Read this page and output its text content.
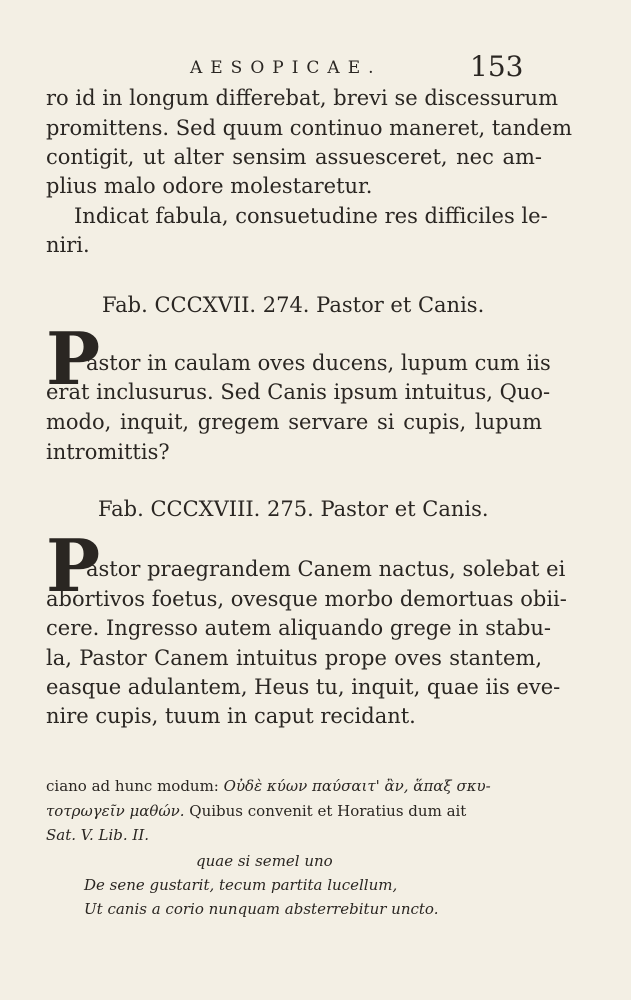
AESOPICAE.	153
ro id in longum differebat, brevi se discessurum
promittens. Sed quum continuo maneret, tandem
contigit, ut alter sensim assuesceret, nec am-
plius malo odore molestaretur.
Indicat fabula, consuetudine res difficiles le-
niri.
Fab. CCCXVII. 274. Pastor et Canis.
P
astor in caulam oves ducens, lupum cum iis
erat inclusurus. Sed Canis ipsum intuitus, Quo-
modo, inquit, gregem servare si cupis, lupum
intromittis?
Fab. CCCXVIII. 275. Pastor et Canis.
P
astor praegrandem Canem nactus, solebat ei
abortivos foetus, ovesque morbo demortuas obii-
cere. Ingresso autem aliquando grege in stabu-
la, Pastor Canem intuitus prope oves stantem,
easque adulantem, Heus tu, inquit, quae iis eve-
nire cupis, tuum in caput recidant.
ciano ad hunc modum: Οὐδὲ κύων παύσαιτ' ἂν, ἅπαξ σκυ-
τοτρωγεῖν μαθών. Quibus convenit et Horatius dum ait
Sat. V. Lib. II.
quae si semel uno
De sene gustarit, tecum partita lucellum,
Ut canis a corio nunquam absterrebitur uncto.
